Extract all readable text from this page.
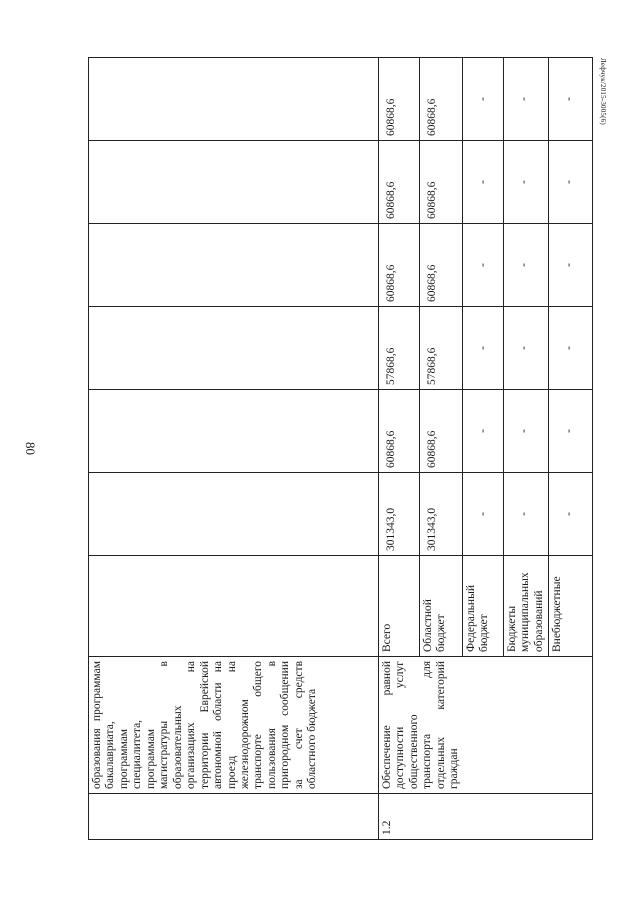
80
Лефчук/2015-3005(6)
	образования программам бакалавриата, программам специалитета, программам магистратуры в образовательных организациях на территории Еврейской автономной области на проезд на железнодорожном транспорте общего пользования в пригородном сообщении за счет средств областного бюджета							
1.2	Обеспечение равной доступности услуг общественного транспорта для отдельных категорий граждан	Всего	301343,0	60868,6	57868,6	60868,6	60868,6	60868,6
		Областной бюджет	301343,0	60868,6	57868,6	60868,6	60868,6	60868,6
		Федеральный бюджет	-	-	-	-	-	-
		Бюджеты муниципальных образований	-	-	-	-	-	-
		Внебюджетные	-	-	-	-	-	-
